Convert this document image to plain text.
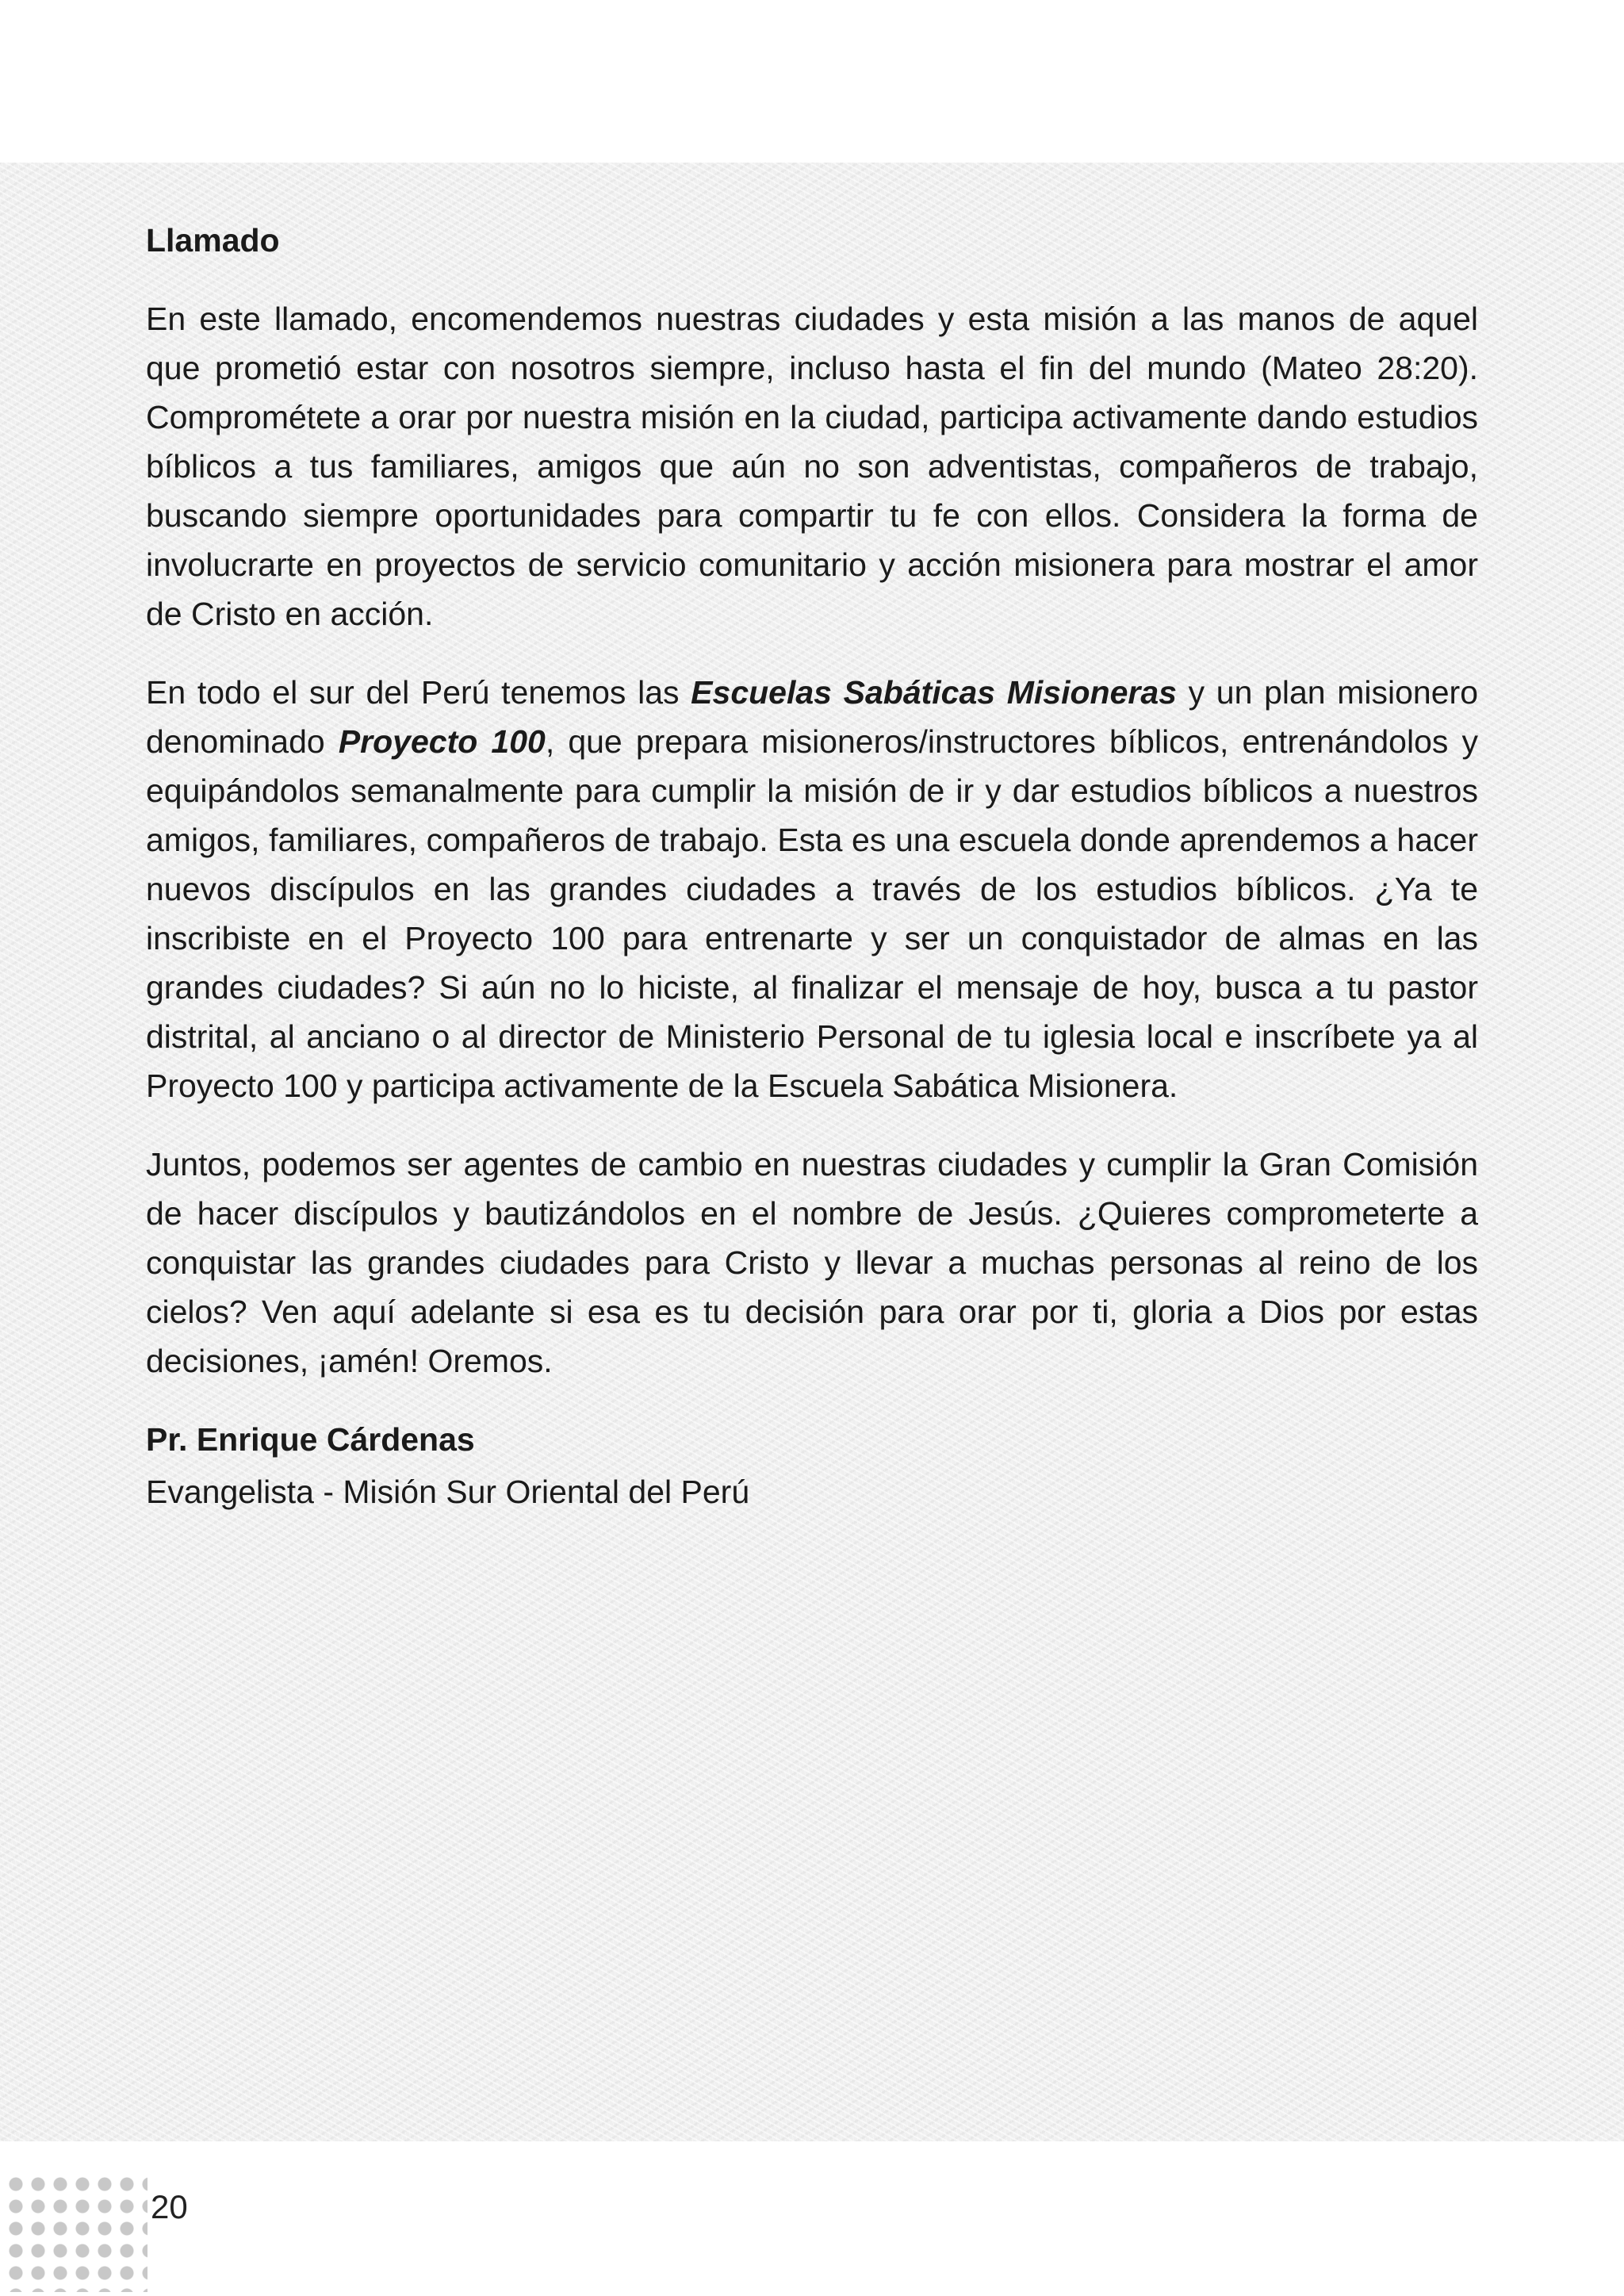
Llamado

En este llamado, encomendemos nuestras ciudades y esta misión a las manos de aquel que prometió estar con nosotros siempre, incluso hasta el fin del mundo (Mateo 28:20). Comprométete a orar por nuestra misión en la ciudad, participa activamente dando estudios bíblicos a tus familiares, amigos que aún no son adventistas, compañeros de trabajo, buscando siempre oportunidades para compartir tu fe con ellos. Considera la forma de involucrarte en proyectos de servicio comunitario y acción misionera para mostrar el amor de Cristo en acción.

En todo el sur del Perú tenemos las Escuelas Sabáticas Misioneras y un plan misionero denominado Proyecto 100, que prepara misioneros/instructores bíblicos, entrenándolos y equipándolos semanalmente para cumplir la misión de ir y dar estudios bíblicos a nuestros amigos, familiares, compañeros de trabajo. Esta es una escuela donde aprendemos a hacer nuevos discípulos en las grandes ciudades a través de los estudios bíblicos. ¿Ya te inscribiste en el Proyecto 100 para entrenarte y ser un conquistador de almas en las grandes ciudades? Si aún no lo hiciste, al finalizar el mensaje de hoy, busca a tu pastor distrital, al anciano o al director de Ministerio Personal de tu iglesia local e inscríbete ya al Proyecto 100 y participa activamente de la Escuela Sabática Misionera.

Juntos, podemos ser agentes de cambio en nuestras ciudades y cumplir la Gran Comisión de hacer discípulos y bautizándolos en el nombre de Jesús. ¿Quieres comprometerte a conquistar las grandes ciudades para Cristo y llevar a muchas personas al reino de los cielos? Ven aquí adelante si esa es tu decisión para orar por ti, gloria a Dios por estas decisiones, ¡amén! Oremos.

Pr. Enrique Cárdenas

Evangelista - Misión Sur Oriental del Perú

20
